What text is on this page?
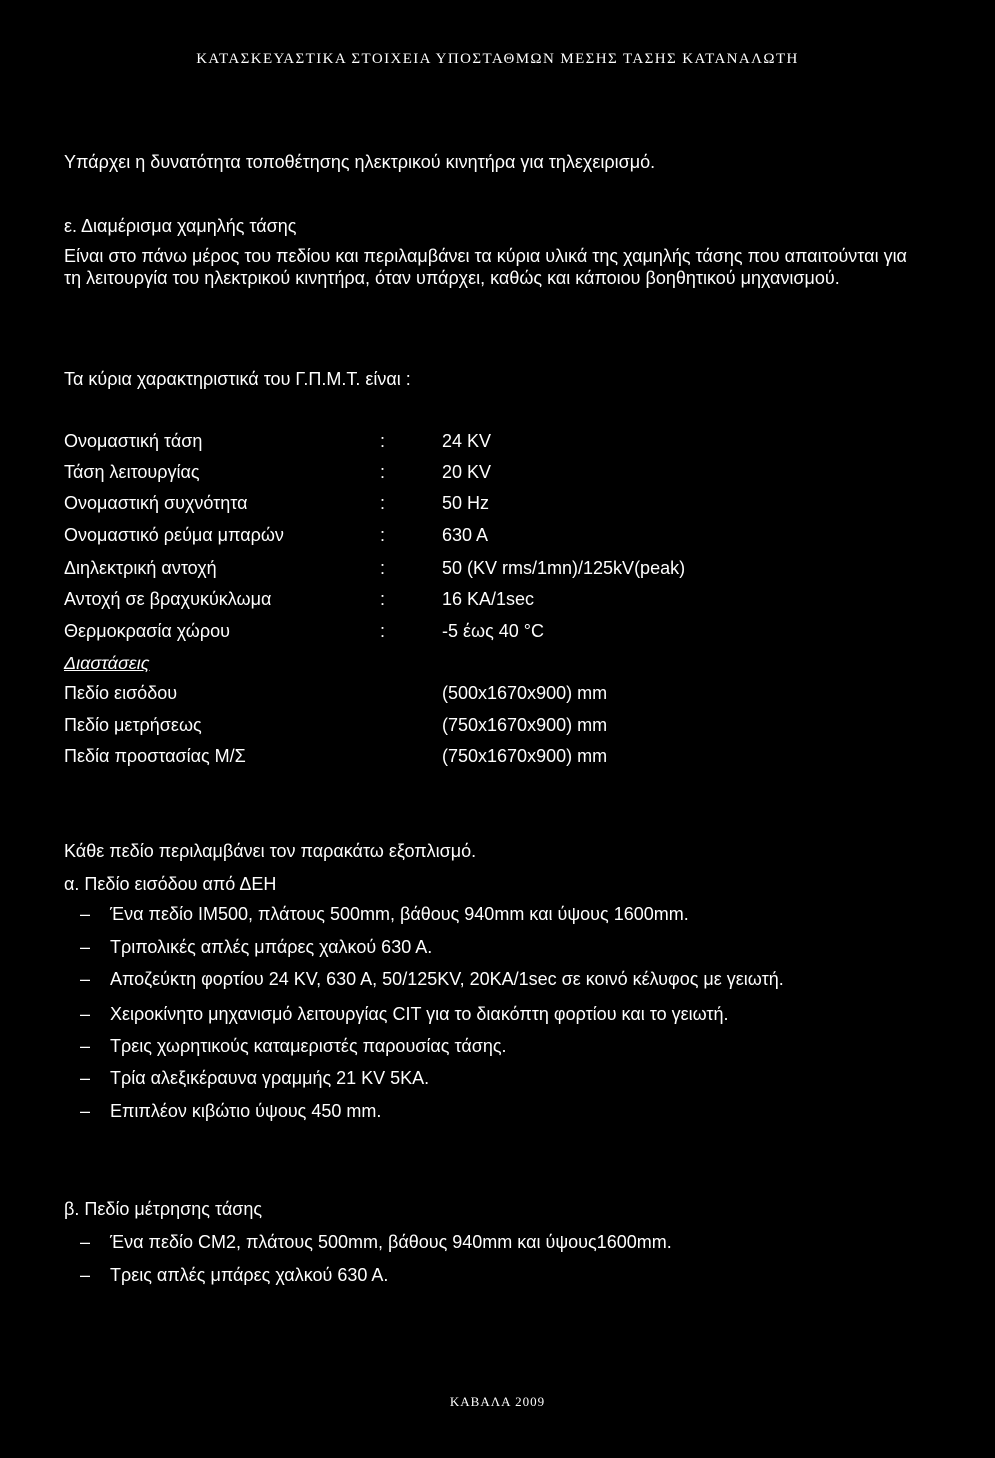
ΚΑΤΑΣΚΕΥΑΣΤΙΚΑ ΣΤΟΙΧΕΙΑ ΥΠΟΣΤΑΘΜΩΝ ΜΕΣΗΣ ΤΑΣΗΣ ΚΑΤΑΝΑΛΩΤΗ
Υπάρχει η δυνατότητα τοποθέτησης ηλεκτρικού κινητήρα για τηλεχειρισμό.
ε. Διαμέρισμα χαμηλής τάσης
Είναι στο πάνω μέρος του πεδίου και περιλαμβάνει τα κύρια υλικά της χαμηλής τάσης που απαιτούνται για τη λειτουργία του ηλεκτρικού κινητήρα, όταν υπάρχει, καθώς και κάποιου βοηθητικού μηχανισμού.
Τα κύρια χαρακτηριστικά του Γ.Π.Μ.Τ. είναι :
Ονομαστική τάση	:	24 KV
Τάση λειτουργίας	:	20 KV
Ονομαστική συχνότητα	:	50 Hz
Ονομαστικό ρεύμα μπαρών	:	630 A
Διηλεκτρική αντοχή	:	50 (KV rms/1mn)/125kV(peak)
Αντοχή σε βραχυκύκλωμα	:	16 KA/1sec
Θερμοκρασία χώρου	:	-5 έως 40 °C
Διαστάσεις
Πεδίο εισόδου	(500x1670x900) mm
Πεδίο μετρήσεως	(750x1670x900) mm
Πεδία προστασίας Μ/Σ	(750x1670x900) mm
Κάθε πεδίο περιλαμβάνει τον παρακάτω εξοπλισμό.
α. Πεδίο εισόδου από ΔΕΗ
– Ένα πεδίο IM500, πλάτους 500mm, βάθους 940mm και ύψους 1600mm.
– Τριπολικές απλές μπάρες χαλκού 630 Α.
– Αποζεύκτη φορτίου 24 KV, 630 A, 50/125KV, 20KA/1sec σε κοινό κέλυφος με γειωτή.
– Χειροκίνητο μηχανισμό λειτουργίας CIT για το διακόπτη φορτίου και το γειωτή.
– Τρεις χωρητικούς καταμεριστές παρουσίας τάσης.
– Τρία αλεξικέραυνα γραμμής 21 KV 5KA.
– Επιπλέον κιβώτιο ύψους 450 mm.
β. Πεδίο μέτρησης τάσης
– Ένα πεδίο CM2, πλάτους 500mm, βάθους 940mm και ύψους1600mm.
– Τρεις απλές μπάρες χαλκού 630 Α.
ΚΑΒΑΛΑ 2009
